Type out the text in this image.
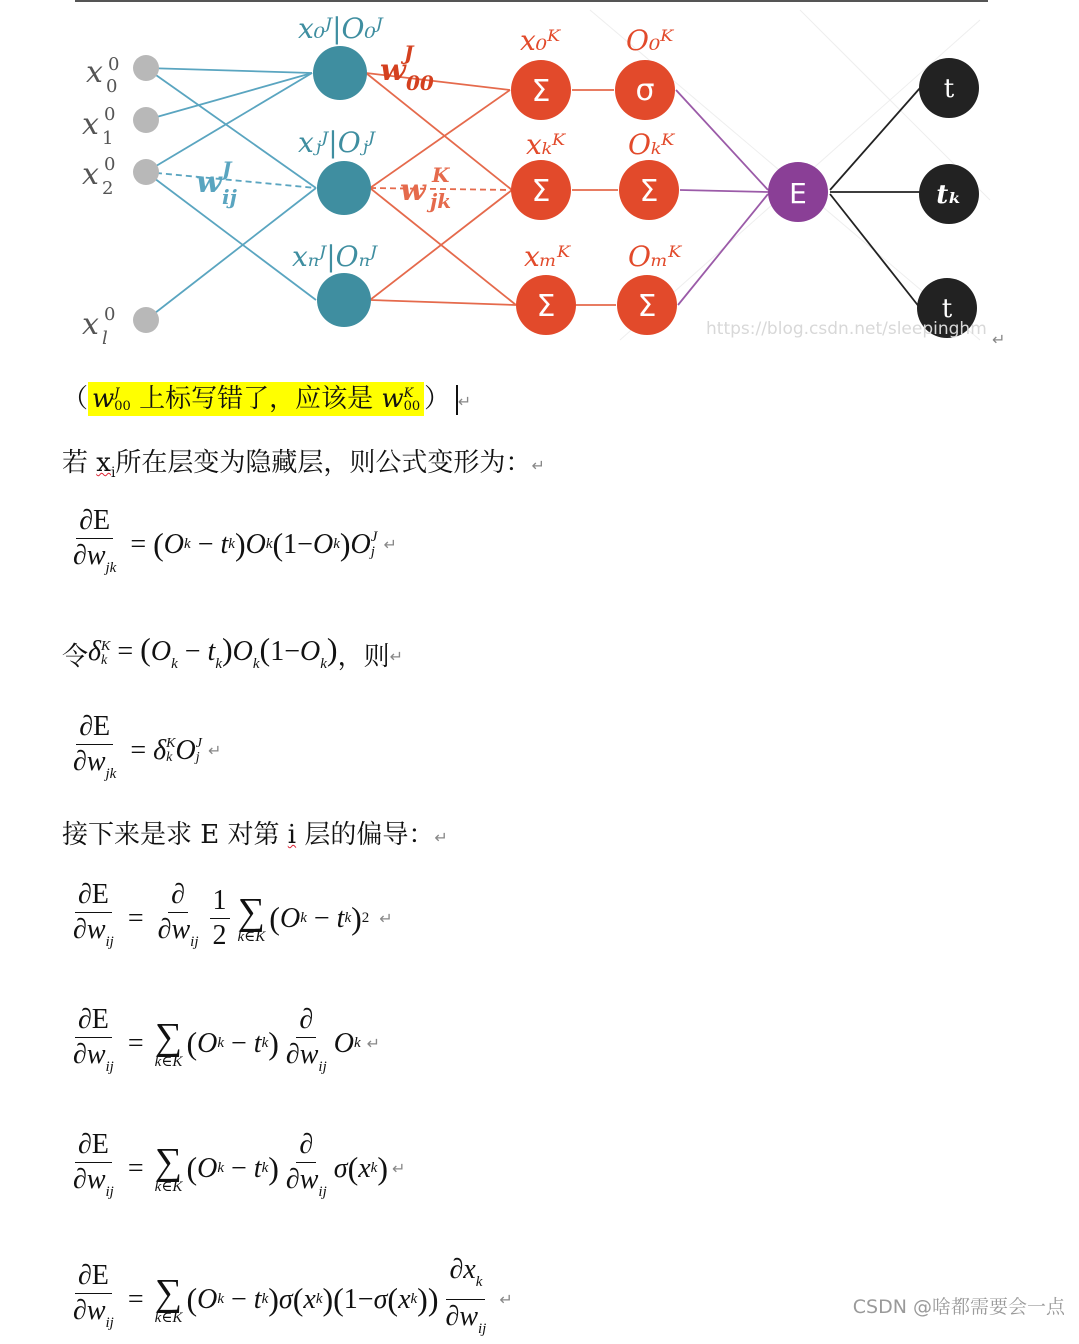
x 0
0
x 0
1
x 0
2
x 0
l
x₀ᴶ|O₀ᴶ
xⱼᴶ|Oⱼᴶ
xₙᴶ|Oₙᴶ
w J
ij
w
J
00
w K
jk
Σ
Σ
Σ
σ
Σ
Σ
x₀ᴷ
xₖᴷ
xₘᴷ
O₀ᴷ
Oₖᴷ
Oₘᴷ
E
t
tₖ
t
https://blog.csdn.net/sleepinghm
↵
（ w J
00 上标写错了，应该是 w K
00 ） ↵
若 $x_i$所在层变为隐藏层，则公式变形为：↵
$\frac{\partial E}{\partial w_{jk}}$ = ( O k − t k ) O k ( 1− O k ) O J
j ↵
令 δ K
$k = (O_k - t_k)O_k(1-O_k)$ ，则 ↵
$\frac{\partial E}{\partial w_{jk}} = \delta$ K
k O J
j ↵
接下来是求 E 对第 i 层的偏导：↵
$\frac{\partial E}{\partial w_{ij}} = \frac{\partial}{\partial w_{ij}} \frac{1}{2}$ ∑
k∈K
( O k − t k ) 2 ↵
$\frac{\partial E}{\partial w_{ij}}$ = ∑
k∈K
( O k − t k ) $\frac{\partial}{\partial w_{ij}}$ O k ↵
$\frac{\partial E}{\partial w_{ij}}$ = ∑
k∈K
( O k − t k ) $\frac{\partial}{\partial w_{ij}}$ σ ( x k ) ↵
$\frac{\partial E}{\partial w_{ij}}$ = ∑
k∈K
( O k − t k ) σ ( x k ) ( 1− σ ( x k )) $\frac{\partial x_k}{\partial w_{ij}}$ ↵	CSDN @啥都需要会一点
